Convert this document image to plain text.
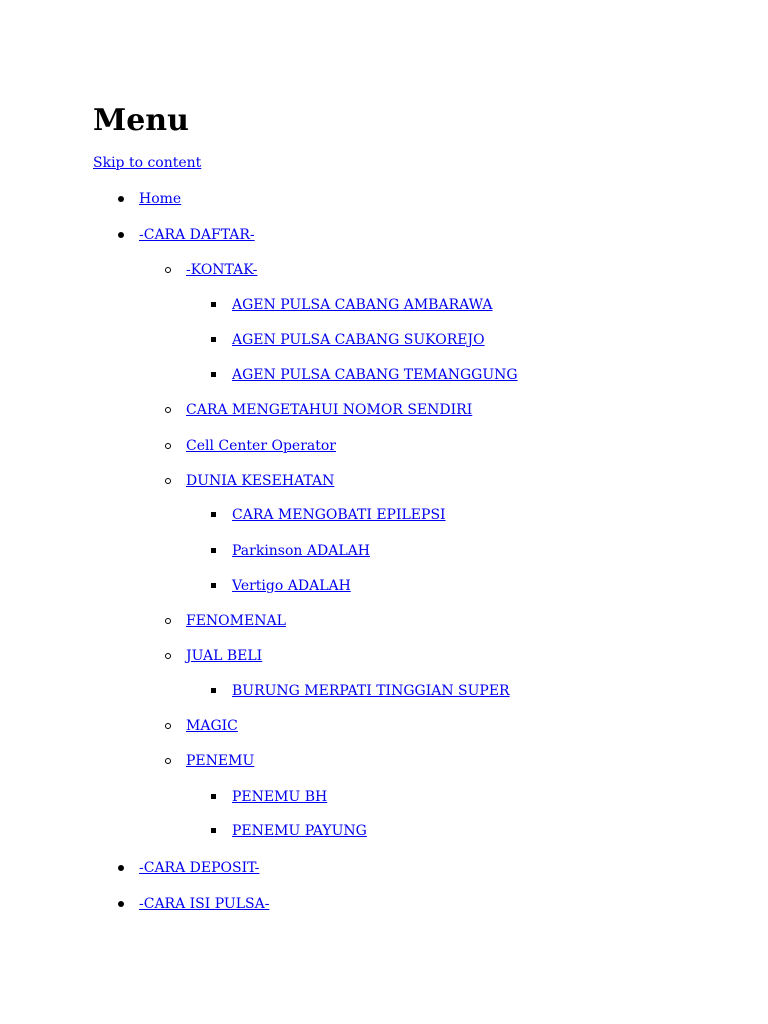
Menu
Skip to content
Home
-CARA DAFTAR-
-KONTAK-
AGEN PULSA CABANG AMBARAWA
AGEN PULSA CABANG SUKOREJO
AGEN PULSA CABANG TEMANGGUNG
CARA MENGETAHUI NOMOR SENDIRI
Cell Center Operator
DUNIA KESEHATAN
CARA MENGOBATI EPILEPSI
Parkinson ADALAH
Vertigo ADALAH
FENOMENAL
JUAL BELI
BURUNG MERPATI TINGGIAN SUPER
MAGIC
PENEMU
PENEMU BH
PENEMU PAYUNG
-CARA DEPOSIT-
-CARA ISI PULSA-
